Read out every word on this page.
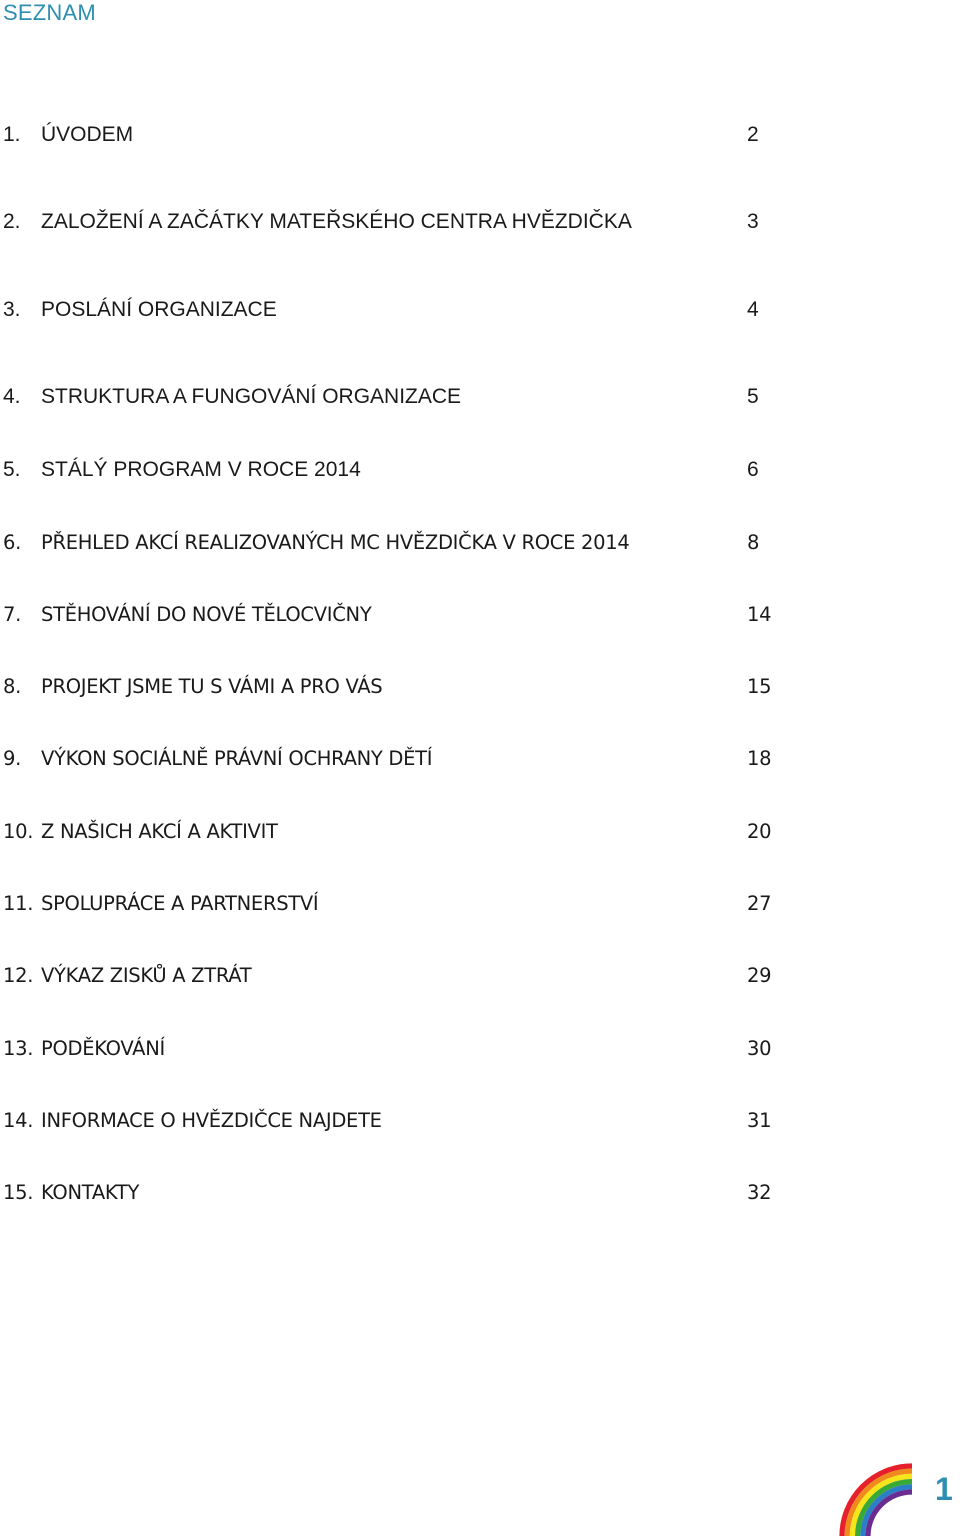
SEZNAM
1. ÚVODEM	2
2. ZALOŽENÍ A ZAČÁTKY MATEŘSKÉHO CENTRA HVĚZDIČKA	3
3. POSLÁNÍ ORGANIZACE	4
4. STRUKTURA A FUNGOVÁNÍ ORGANIZACE	5
5. STÁLÝ PROGRAM V ROCE 2014	6
6. PŘEHLED AKCÍ REALIZOVANÝCH MC HVĚZDIČKA V ROCE 2014	8
7. STĚHOVÁNÍ DO NOVÉ TĚLOCVIČNY	14
8. PROJEKT JSME TU S VÁMI A PRO VÁS	15
9. VÝKON SOCIÁLNĚ PRÁVNÍ OCHRANY DĚTÍ	18
10. Z NAŠICH AKCÍ A AKTIVIT	20
11. SPOLUPRÁCE A PARTNERSTVÍ	27
12. VÝKAZ ZISKŮ A ZTRÁT	29
13. PODĚKOVÁNÍ	30
14. INFORMACE O HVĚZDIČCE NAJDETE	31
15. KONTAKTY	32
1
